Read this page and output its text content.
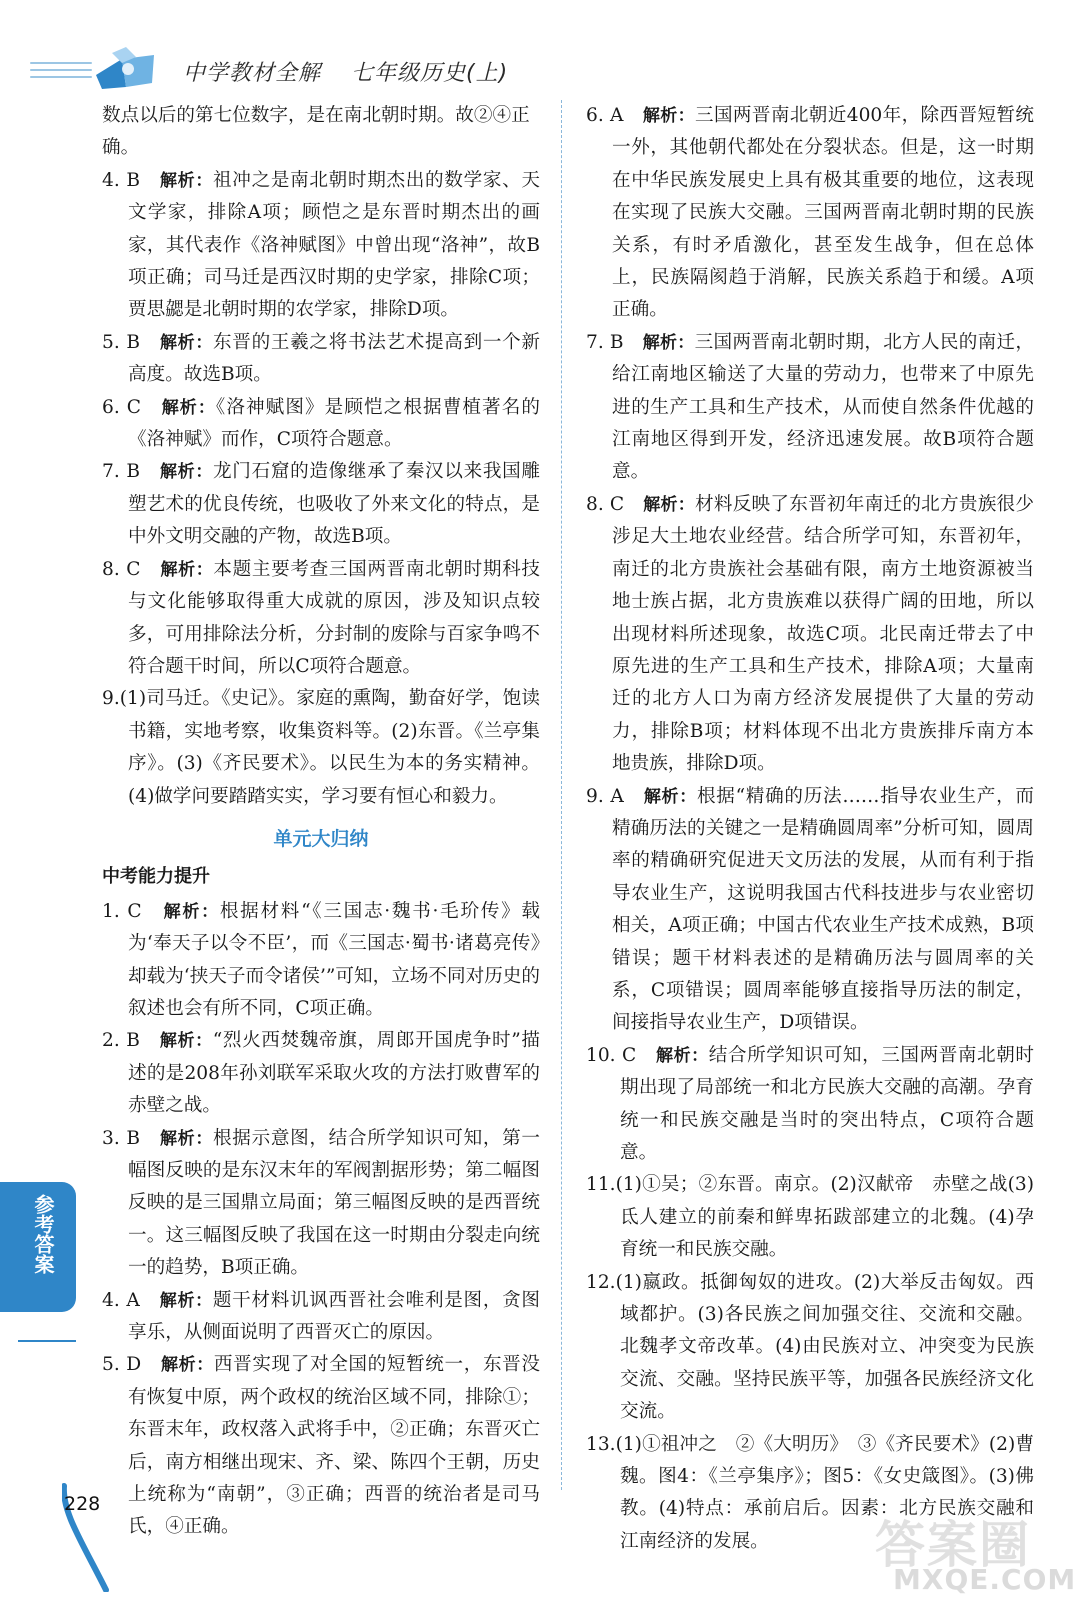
中学教材全解 七年级历史(上)

数点以后的第七位数字，是在南北朝时期。故②④正确。

4. B　 解析：祖冲之是南北朝时期杰出的数学家、天文学家，排除A项；顾恺之是东晋时期杰出的画家，其代表作《洛神赋图》中曾出现“洛神”，故B项正确；司马迁是西汉时期的史学家，排除C项；贾思勰是北朝时期的农学家，排除D项。

5. B　 解析：东晋的王羲之将书法艺术提高到一个新高度。故选B项。

6. C　 解析：《洛神赋图》是顾恺之根据曹植著名的《洛神赋》而作，C项符合题意。

7. B　 解析：龙门石窟的造像继承了秦汉以来我国雕塑艺术的优良传统，也吸收了外来文化的特点，是中外文明交融的产物，故选B项。

8. C　 解析：本题主要考查三国两晋南北朝时期科技与文化能够取得重大成就的原因，涉及知识点较多，可用排除法分析，分封制的废除与百家争鸣不符合题干时间，所以C项符合题意。

9.(1)司马迁。《史记》。家庭的熏陶，勤奋好学，饱读书籍，实地考察，收集资料等。(2)东晋。《兰亭集序》。(3)《齐民要术》。以民生为本的务实精神。(4)做学问要踏踏实实，学习要有恒心和毅力。

单元大归纳
中考能力提升

1. C　 解析：根据材料“《三国志·魏书·毛玠传》载为‘奉天子以令不臣’，而《三国志·蜀书·诸葛亮传》却载为‘挟天子而令诸侯’”可知，立场不同对历史的叙述也会有所不同，C项正确。

2. B　 解析：“烈火西焚魏帝旗，周郎开国虎争时”描述的是208年孙刘联军采取火攻的方法打败曹军的赤壁之战。

3. B　 解析：根据示意图，结合所学知识可知，第一幅图反映的是东汉末年的军阀割据形势；第二幅图反映的是三国鼎立局面；第三幅图反映的是西晋统一。这三幅图反映了我国在这一时期由分裂走向统一的趋势，B项正确。

4. A　 解析：题干材料讥讽西晋社会唯利是图，贪图享乐，从侧面说明了西晋灭亡的原因。

5. D　 解析：西晋实现了对全国的短暂统一，东晋没有恢复中原，两个政权的统治区域不同，排除①；东晋末年，政权落入武将手中，②正确；东晋灭亡后，南方相继出现宋、齐、梁、陈四个王朝，历史上统称为“南朝”，③正确；西晋的统治者是司马氏，④正确。

6. A　 解析：三国两晋南北朝近400年，除西晋短暂统一外，其他朝代都处在分裂状态。但是，这一时期在中华民族发展史上具有极其重要的地位，这表现在实现了民族大交融。三国两晋南北朝时期的民族关系，有时矛盾激化，甚至发生战争，但在总体上，民族隔阂趋于消解，民族关系趋于和缓。A项正确。

7. B　 解析：三国两晋南北朝时期，北方人民的南迁，给江南地区输送了大量的劳动力，也带来了中原先进的生产工具和生产技术，从而使自然条件优越的江南地区得到开发，经济迅速发展。故B项符合题意。

8. C　 解析：材料反映了东晋初年南迁的北方贵族很少涉足大土地农业经营。结合所学可知，东晋初年，南迁的北方贵族社会基础有限，南方土地资源被当地士族占据，北方贵族难以获得广阔的田地，所以出现材料所述现象，故选C项。北民南迁带去了中原先进的生产工具和生产技术，排除A项；大量南迁的北方人口为南方经济发展提供了大量的劳动力，排除B项；材料体现不出北方贵族排斥南方本地贵族，排除D项。

9. A　 解析：根据“精确的历法……指导农业生产，而精确历法的关键之一是精确圆周率”分析可知，圆周率的精确研究促进天文历法的发展，从而有利于指导农业生产，这说明我国古代科技进步与农业密切相关，A项正确；中国古代农业生产技术成熟，B项错误；题干材料表述的是精确历法与圆周率的关系，C项错误；圆周率能够直接指导历法的制定，间接指导农业生产，D项错误。

10. C　 解析：结合所学知识可知，三国两晋南北朝时期出现了局部统一和北方民族大交融的高潮。孕育统一和民族交融是当时的突出特点，C项符合题意。

11.(1)①吴；②东晋。南京。(2)汉献帝　赤壁之战(3)氐人建立的前秦和鲜卑拓跋部建立的北魏。(4)孕育统一和民族交融。

12.(1)嬴政。抵御匈奴的进攻。(2)大举反击匈奴。西域都护。(3)各民族之间加强交往、交流和交融。北魏孝文帝改革。(4)由民族对立、冲突变为民族交流、交融。坚持民族平等，加强各民族经济文化交流。

13.(1)①祖冲之　②《大明历》　③《齐民要术》(2)曹魏。图4：《兰亭集序》；图5：《女史箴图》。(3)佛教。(4)特点：承前启后。因素：北方民族交融和江南经济的发展。

参考答案
228
答案圈
MXQE.COM
